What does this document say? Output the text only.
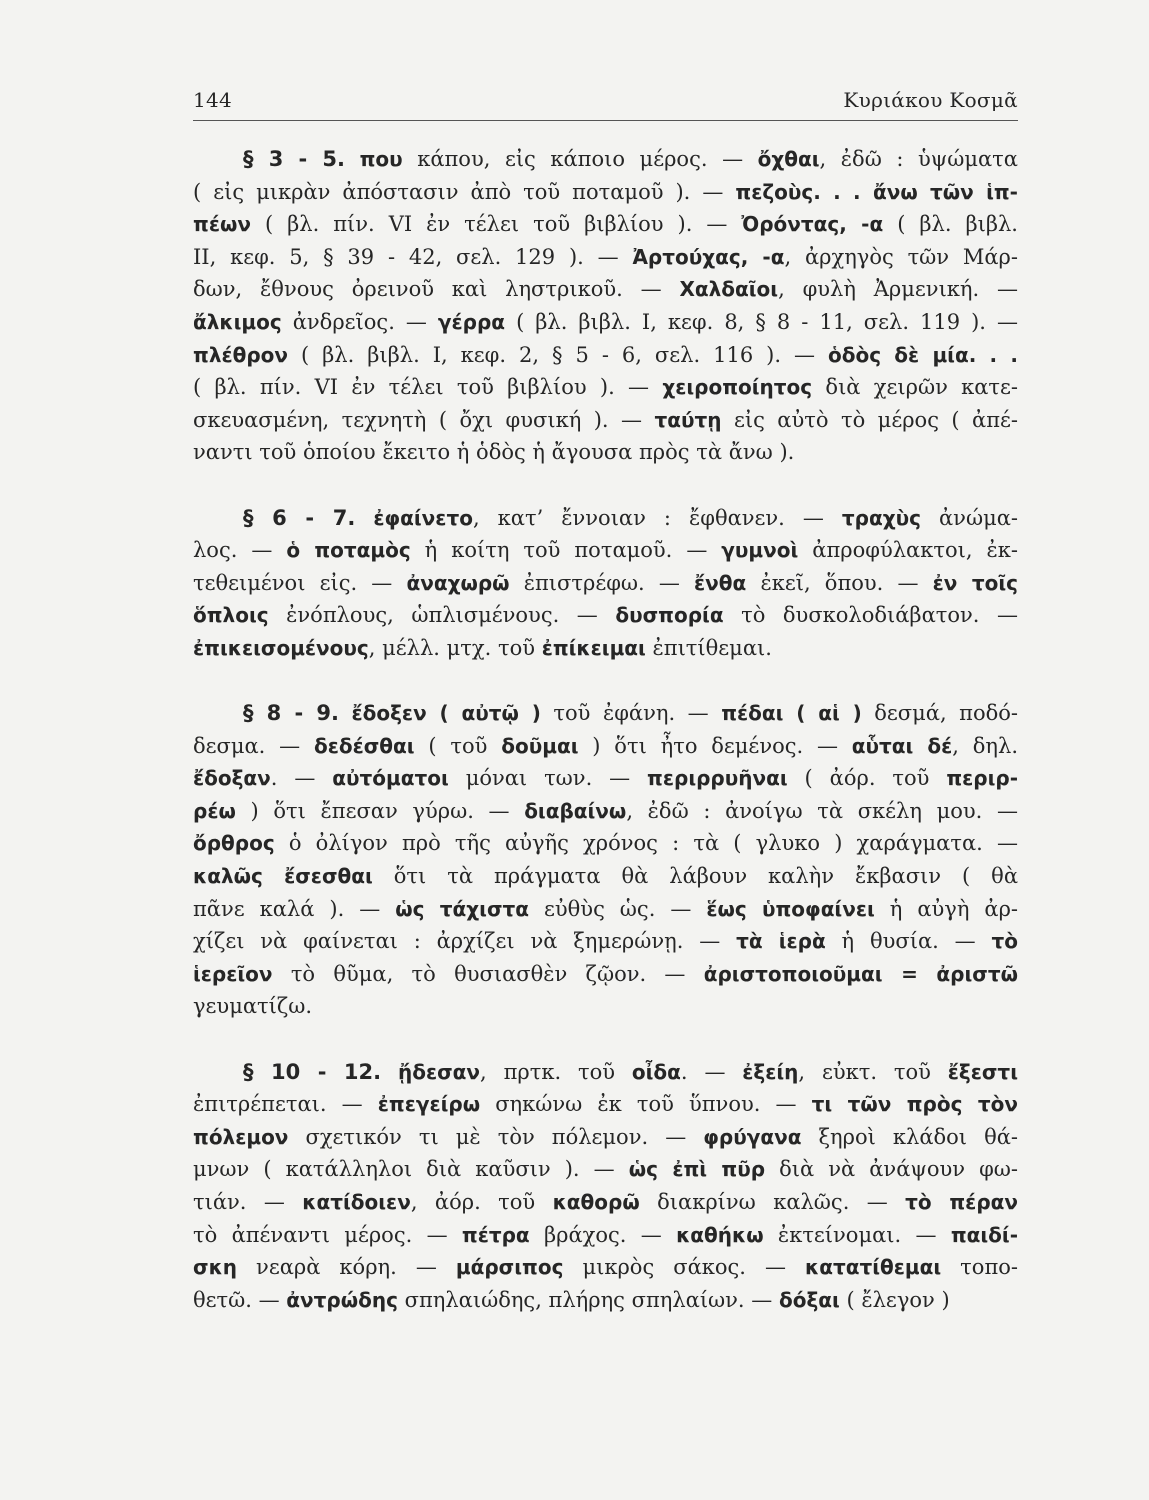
144	Κυριάκου Κοσμᾶ
§ 3 - 5. που κάπου, εἰς κάποιο μέρος. — ὄχθαι, ἐδῶ : ὑψώματα
( εἰς μικρὰν ἀπόστασιν ἀπὸ τοῦ ποταμοῦ ). — πεζοὺς. . . ἄνω τῶν ἱπ-
πέων ( βλ. πίν. VI ἐν τέλει τοῦ βιβλίου ). — Ὀρόντας, -α ( βλ. βιβλ.
II, κεφ. 5, § 39 - 42, σελ. 129 ). — Ἀρτούχας, -α, ἀρχηγὸς τῶν Μάρ-
δων, ἔθνους ὀρεινοῦ καὶ ληστρικοῦ. — Χαλδαῖοι, φυλὴ Ἀρμενική. —
ἄλκιμος ἀνδρεῖος. — γέρρα ( βλ. βιβλ. I, κεφ. 8, § 8 - 11, σελ. 119 ). —
πλέθρον ( βλ. βιβλ. I, κεφ. 2, § 5 - 6, σελ. 116 ). — ὁδὸς δὲ μία. . .
( βλ. πίν. VI ἐν τέλει τοῦ βιβλίου ). — χειροποίητος διὰ χειρῶν κατε-
σκευασμένη, τεχνητὴ ( ὄχι φυσική ). — ταύτῃ εἰς αὐτὸ τὸ μέρος ( ἀπέ-
ναντι τοῦ ὁποίου ἔκειτο ἡ ὁδὸς ἡ ἄγουσα πρὸς τὰ ἄνω ).
§ 6 - 7. ἐφαίνετο, κατ’ ἔννοιαν : ἔφθανεν. — τραχὺς ἀνώμα-
λος. — ὁ ποταμὸς ἡ κοίτη τοῦ ποταμοῦ. — γυμνοὶ ἀπροφύλακτοι, ἐκ-
τεθειμένοι εἰς. — ἀναχωρῶ ἐπιστρέφω. — ἔνθα ἐκεῖ, ὅπου. — ἐν τοῖς
ὅπλοις ἐνόπλους, ὡπλισμένους. — δυσπορία τὸ δυσκολοδιάβατον. —
ἐπικεισομένους, μέλλ. μτχ. τοῦ ἐπίκειμαι ἐπιτίθεμαι.
§ 8 - 9. ἔδοξεν ( αὐτῷ ) τοῦ ἐφάνη. — πέδαι ( αἱ ) δεσμά, ποδό-
δεσμα. — δεδέσθαι ( τοῦ δοῦμαι ) ὅτι ἦτο δεμένος. — αὗται δέ, δηλ.
ἔδοξαν. — αὐτόματοι μόναι των. — περιρρυῆναι ( ἀόρ. τοῦ περιρ-
ρέω ) ὅτι ἔπεσαν γύρω. — διαβαίνω, ἐδῶ : ἀνοίγω τὰ σκέλη μου. —
ὄρθρος ὁ ὀλίγον πρὸ τῆς αὐγῆς χρόνος : τὰ ( γλυκο ) χαράγματα. —
καλῶς ἔσεσθαι ὅτι τὰ πράγματα θὰ λάβουν καλὴν ἔκβασιν ( θὰ
πᾶνε καλά ). — ὡς τάχιστα εὐθὺς ὡς. — ἕως ὑποφαίνει ἡ αὐγὴ ἀρ-
χίζει νὰ φαίνεται : ἀρχίζει νὰ ξημερώνῃ. — τὰ ἱερὰ ἡ θυσία. — τὸ
ἱερεῖον τὸ θῦμα, τὸ θυσιασθὲν ζῷον. — ἀριστοποιοῦμαι = ἀριστῶ
γευματίζω.
§ 10 - 12. ᾔδεσαν, πρτκ. τοῦ οἶδα. — ἐξείη, εὐκτ. τοῦ ἔξεστι
ἐπιτρέπεται. — ἐπεγείρω σηκώνω ἐκ τοῦ ὕπνου. — τι τῶν πρὸς τὸν
πόλεμον σχετικόν τι μὲ τὸν πόλεμον. — φρύγανα ξηροὶ κλάδοι θά-
μνων ( κατάλληλοι διὰ καῦσιν ). — ὡς ἐπὶ πῦρ διὰ νὰ ἀνάψουν φω-
τιάν. — κατίδοιεν, ἀόρ. τοῦ καθορῶ διακρίνω καλῶς. — τὸ πέραν
τὸ ἀπέναντι μέρος. — πέτρα βράχος. — καθήκω ἐκτείνομαι. — παιδί-
σκη νεαρὰ κόρη. — μάρσιπος μικρὸς σάκος. — κατατίθεμαι τοπο-
θετῶ. — ἀντρώδης σπηλαιώδης, πλήρης σπηλαίων. — δόξαι ( ἔλεγον )
